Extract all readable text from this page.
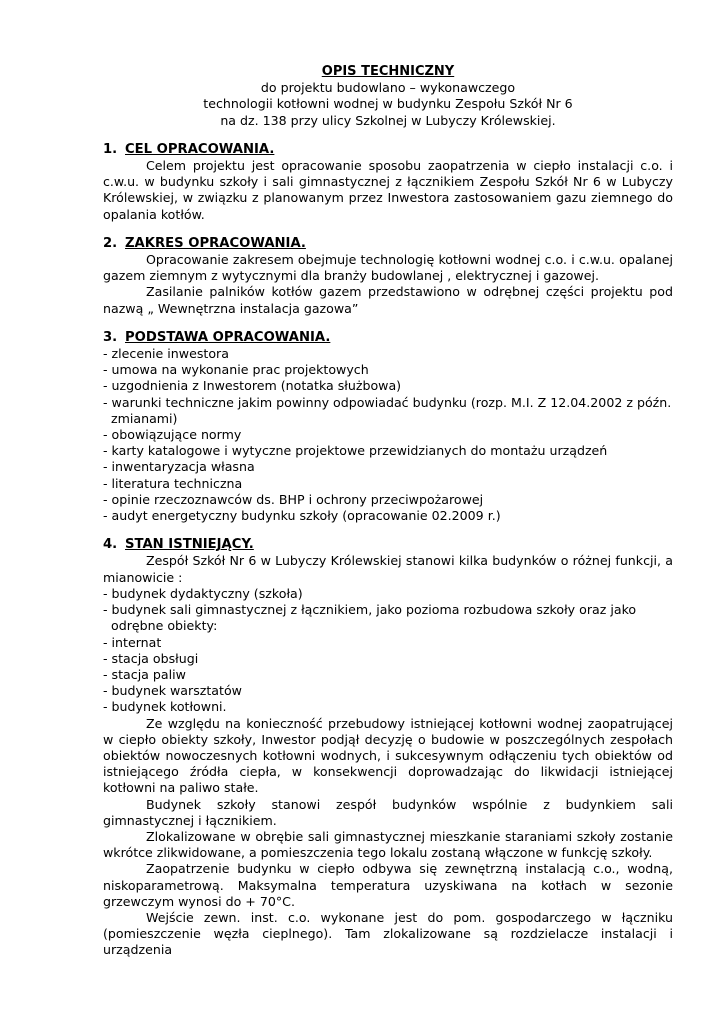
OPIS TECHNICZNY
do projektu budowlano – wykonawczego
technologii kotłowni wodnej w budynku Zespołu Szkół Nr 6
na dz. 138 przy ulicy Szkolnej w Lubyczy Królewskiej.
1. CEL OPRACOWANIA.

Celem projektu jest opracowanie sposobu zaopatrzenia w ciepło instalacji c.o. i c.w.u. w budynku szkoły i sali gimnastycznej z łącznikiem Zespołu Szkół Nr 6 w Lubyczy Królewskiej, w związku z planowanym przez Inwestora zastosowaniem gazu ziemnego do opalania kotłów.

2. ZAKRES OPRACOWANIA.

Opracowanie zakresem obejmuje technologię kotłowni wodnej c.o. i c.w.u. opalanej gazem ziemnym z wytycznymi dla branży budowlanej , elektrycznej i gazowej.

Zasilanie palników kotłów gazem przedstawiono w odrębnej części projektu pod nazwą „ Wewnętrzna instalacja gazowa”

3. PODSTAWA OPRACOWANIA.
- zlecenie inwestora
- umowa na wykonanie prac projektowych
- uzgodnienia z Inwestorem (notatka służbowa)
- warunki techniczne jakim powinny odpowiadać budynku (rozp. M.I. Z 12.04.2002 z późn. zmianami)
- obowiązujące normy
- karty katalogowe i wytyczne projektowe przewidzianych do montażu urządzeń
- inwentaryzacja własna
- literatura techniczna
- opinie rzeczoznawców ds. BHP i ochrony przeciwpożarowej
- audyt energetyczny budynku szkoły (opracowanie 02.2009 r.)
4. STAN ISTNIEJĄCY.

Zespół Szkół Nr 6 w Lubyczy Królewskiej stanowi kilka budynków o różnej funkcji, a mianowicie :

- budynek dydaktyczny (szkoła)
- budynek sali gimnastycznej z łącznikiem, jako pozioma rozbudowa szkoły oraz jako odrębne obiekty:
- internat
- stacja obsługi
- stacja paliw
- budynek warsztatów
- budynek kotłowni.

Ze względu na konieczność przebudowy istniejącej kotłowni wodnej zaopatrującej w ciepło obiekty szkoły, Inwestor podjął decyzję o budowie w poszczególnych zespołach obiektów nowoczesnych kotłowni wodnych, i sukcesywnym odłączeniu tych obiektów od istniejącego źródła ciepła, w konsekwencji doprowadzając do likwidacji istniejącej kotłowni na paliwo stałe.

Budynek szkoły stanowi zespół budynków wspólnie z budynkiem sali gimnastycznej i łącznikiem.

Zlokalizowane w obrębie sali gimnastycznej mieszkanie staraniami szkoły zostanie wkrótce zlikwidowane, a pomieszczenia tego lokalu zostaną włączone w funkcję szkoły.

Zaopatrzenie budynku w ciepło odbywa się zewnętrzną instalacją c.o., wodną, niskoparametrową. Maksymalna temperatura uzyskiwana na kotłach w sezonie grzewczym wynosi do + 70°C.

Wejście zewn. inst. c.o. wykonane jest do pom. gospodarczego w łączniku (pomieszczenie węzła cieplnego). Tam zlokalizowane są rozdzielacze instalacji i urządzenia
